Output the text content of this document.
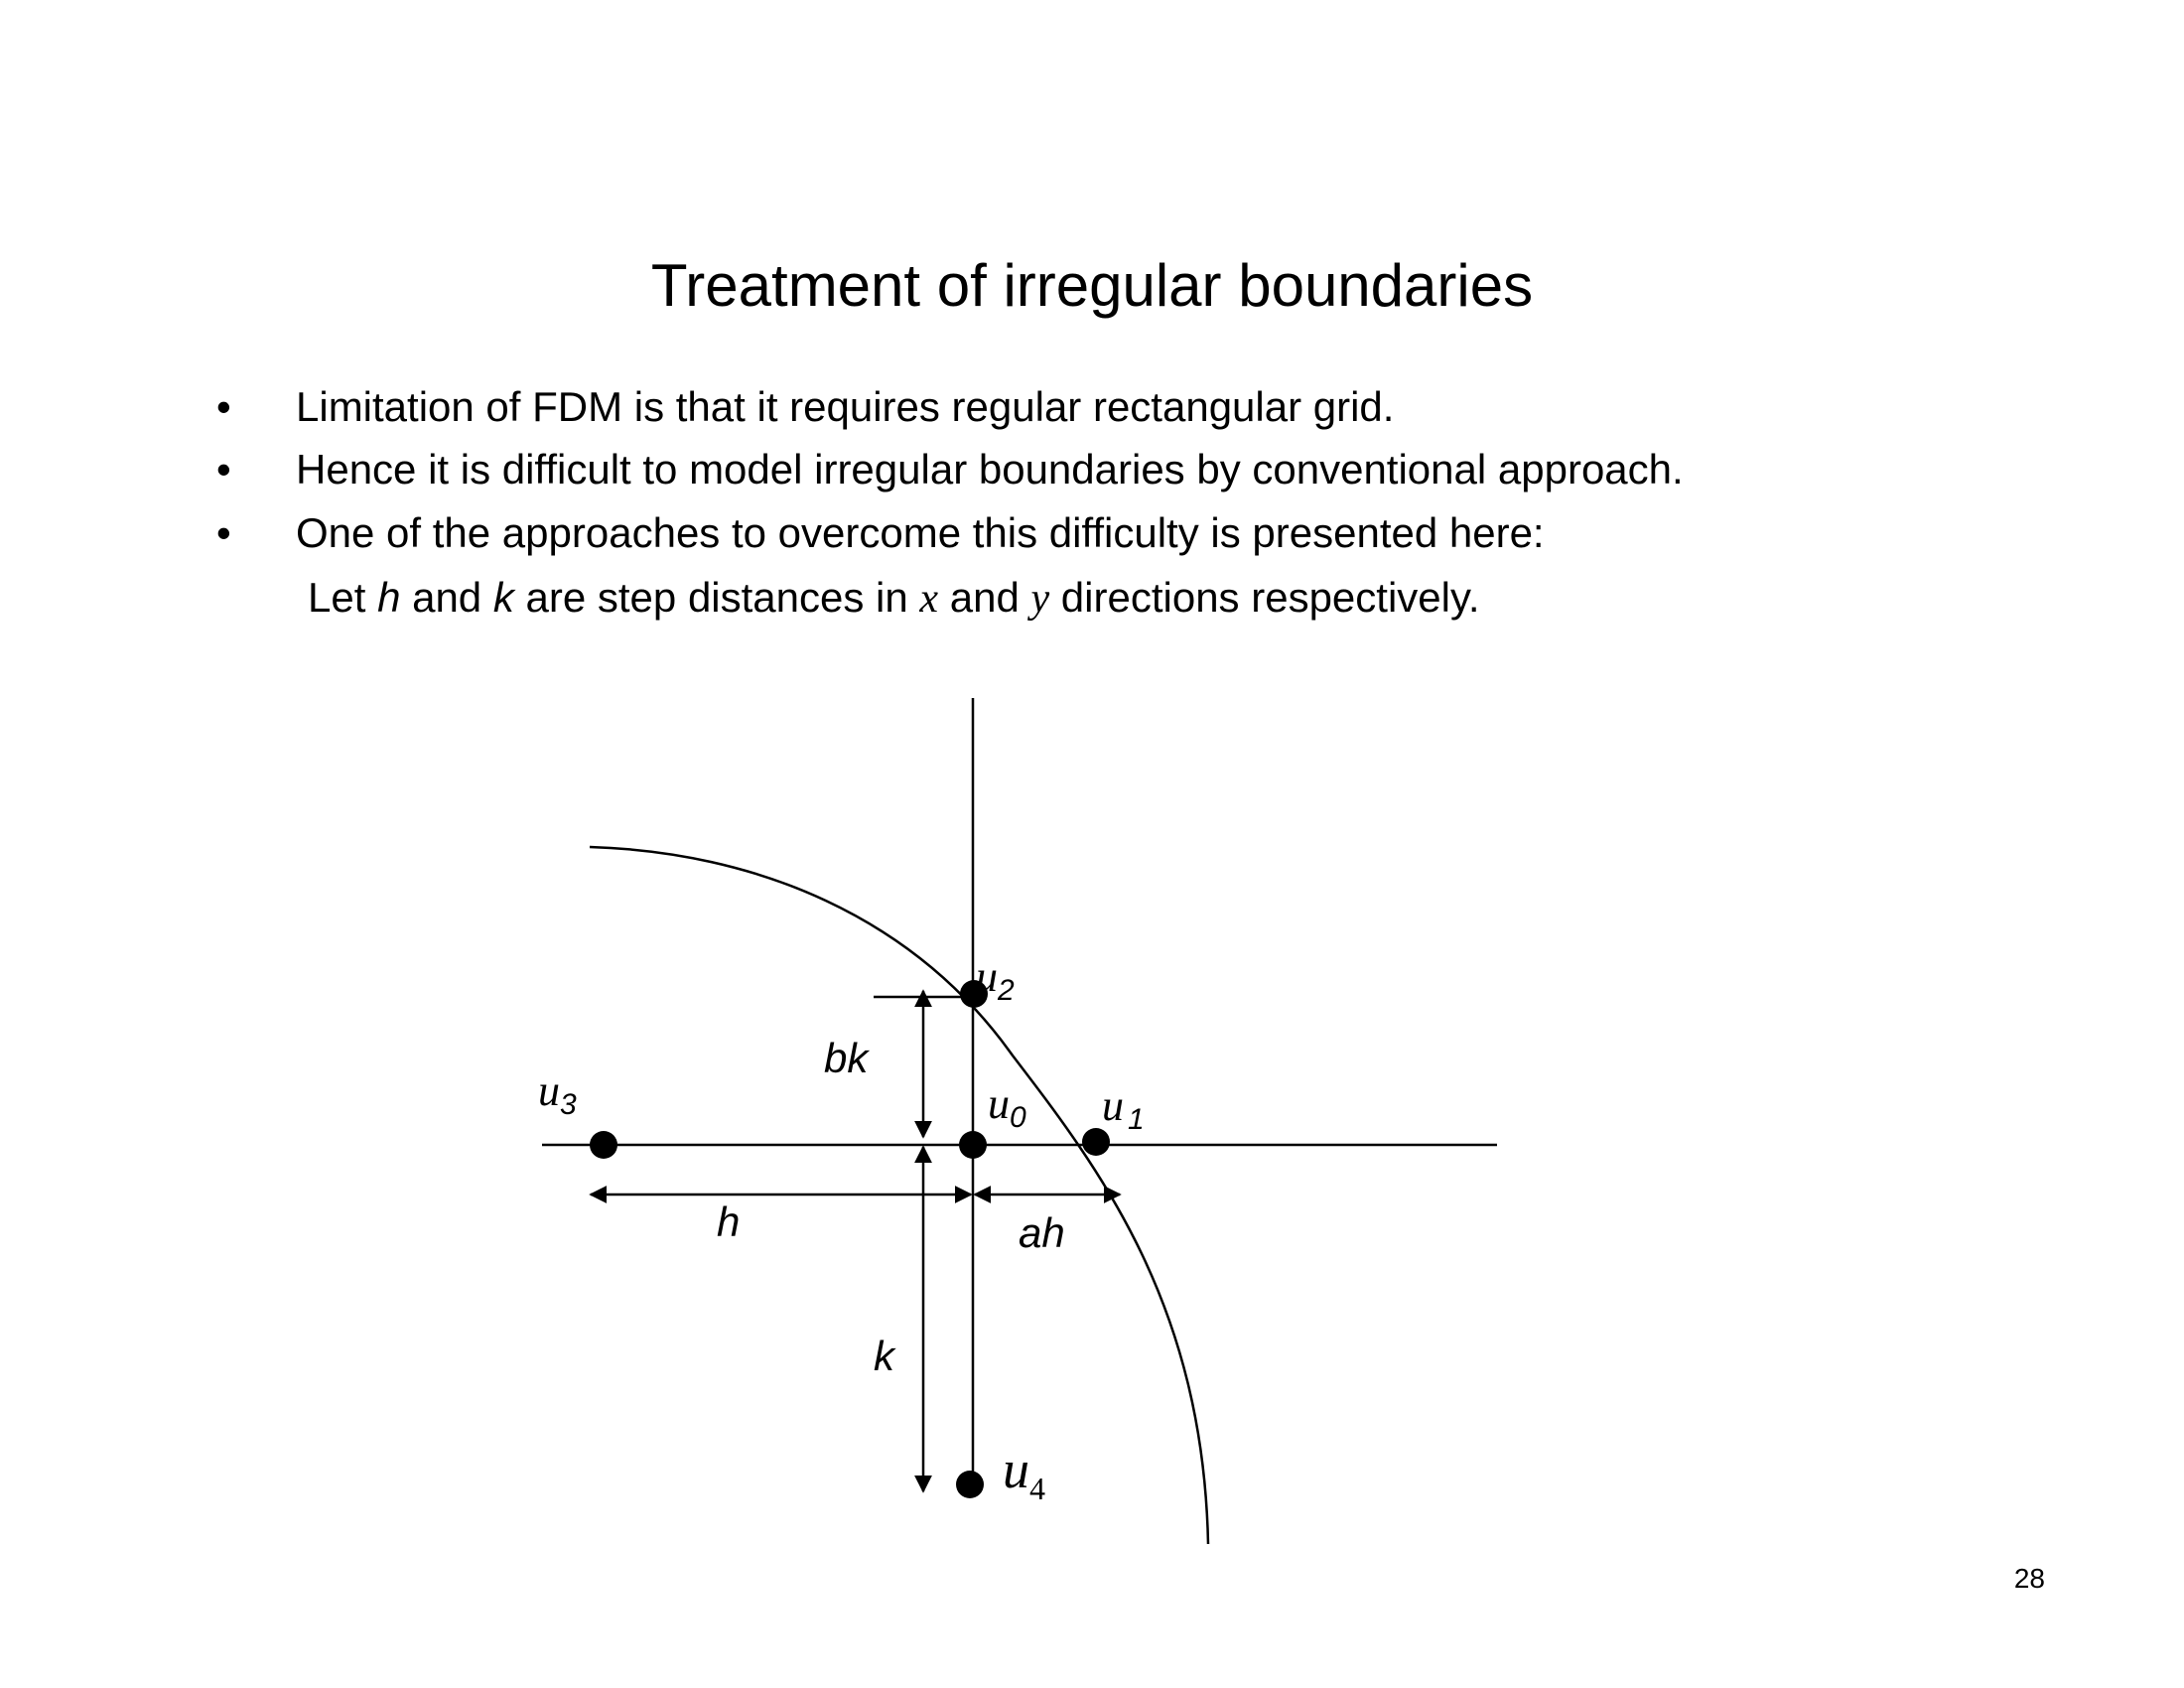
Treatment of irregular boundaries
•	Limitation of FDM is that it requires regular rectangular grid.
•	Hence it is difficult to model irregular boundaries by conventional approach.
•	One of the approaches to overcome this difficulty is presented here:
Let h and k are step distances in x and y directions respectively.
u2
u3	u0 u 1
u4
bk
h	ah
k
28
